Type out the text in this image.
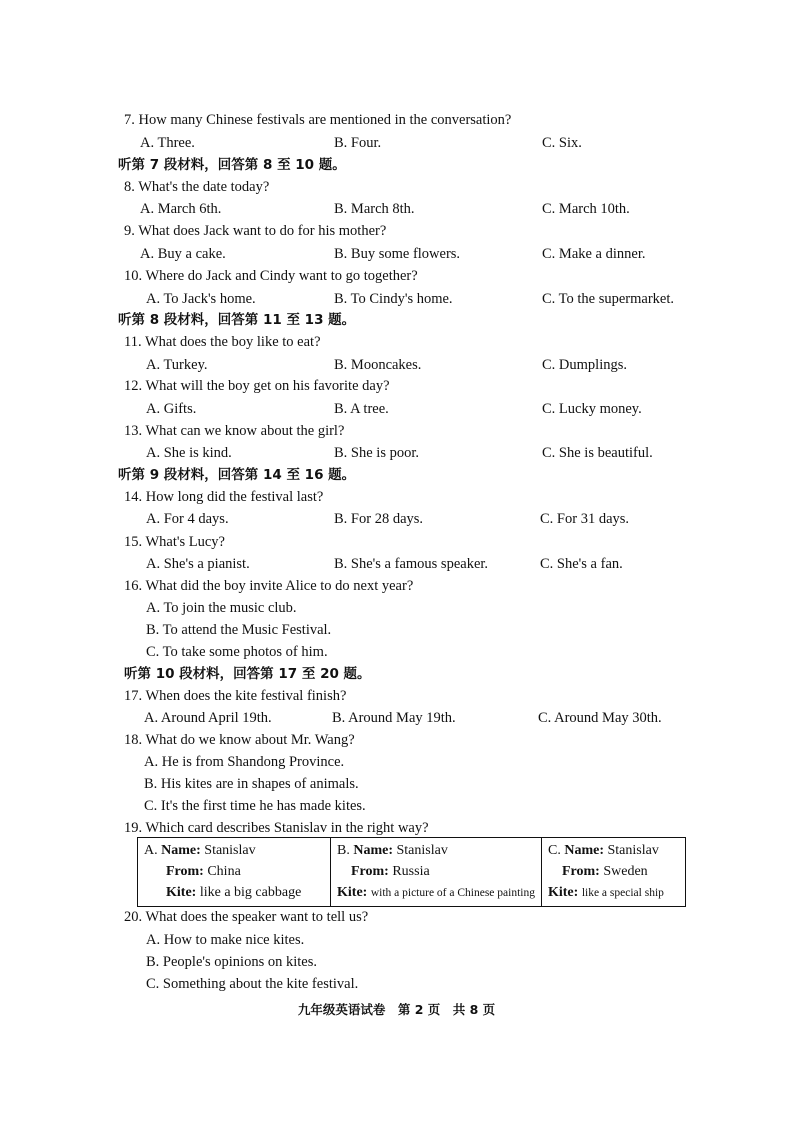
7. How many Chinese festivals are mentioned in the conversation?
A. Three.	B. Four.	C. Six.
听第 7 段材料，回答第 8 至 10 题。
8. What's the date today?
A. March 6th.	B. March 8th.	C. March 10th.
9. What does Jack want to do for his mother?
A. Buy a cake.	B. Buy some flowers.	C. Make a dinner.
10. Where do Jack and Cindy want to go together?
A. To Jack's home.	B. To Cindy's home.	C. To the supermarket.
听第 8 段材料，回答第 11 至 13 题。
11. What does the boy like to eat?
A. Turkey.	B. Mooncakes.	C. Dumplings.
12. What will the boy get on his favorite day?
A. Gifts.	B. A tree.	C. Lucky money.
13. What can we know about the girl?
A. She is kind.	B. She is poor.	C. She is beautiful.
听第 9 段材料，回答第 14 至 16 题。
14. How long did the festival last?
A. For 4 days.	B. For 28 days.	C. For 31 days.
15. What's Lucy?
A. She's a pianist.	B. She's a famous speaker.	C. She's a fan.
16. What did the boy invite Alice to do next year?
A. To join the music club.
B. To attend the Music Festival.
C. To take some photos of him.
听第 10 段材料，回答第 17 至 20 题。
17. When does the kite festival finish?
A. Around April 19th.	B. Around May 19th.	C. Around May 30th.
18. What do we know about Mr. Wang?
A. He is from Shandong Province.
B. His kites are in shapes of animals.
C. It's the first time he has made kites.
19. Which card describes Stanislav in the right way?
A. Name: Stanislav
From: China
Kite: like a big cabbage

B. Name: Stanislav
From: Russia
Kite: with a picture of a Chinese painting

C. Name: Stanislav
From: Sweden
Kite: like a special ship
20. What does the speaker want to tell us?
A. How to make nice kites.
B. People's opinions on kites.
C. Something about the kite festival.
九年级英语试卷　第 2 页　共 8 页
